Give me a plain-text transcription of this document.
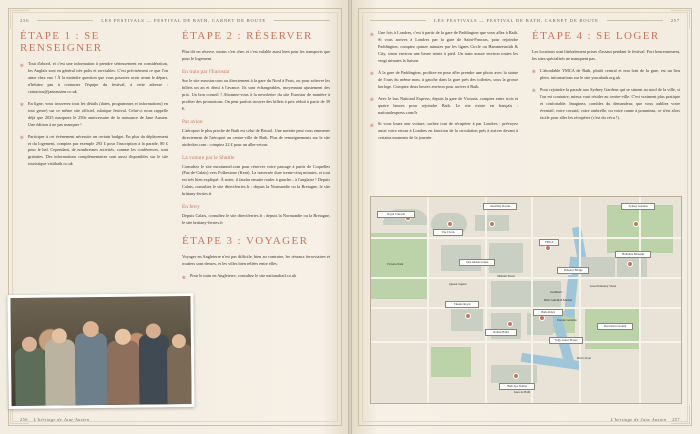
256	LES FESTIVALS — FESTIVAL DE BATH, CARNET DE ROUTE
ÉTAPE 1 : SE RENSEIGNER
✻ Tout d'abord, et c'est une information à prendre sérieusement en considération, les Anglais sont en général très polis et serviables. C'est précisément ce que l'on aime chez eux ! À la moindre question que vous pourriez avoir avant le départ, n'hésitez pas à contacter l'équipe du festival, à cette adresse : contactus@janeausten.co.uk
✻ En ligne, vous trouverez tous les détails (dates, programmes et informations) en tout genre) sur ce même site officiel, rubrique festival. Celui-ci nous rappelle déjà que 2025 marquera le 250e anniversaire de la naissance de Jane Austen. Une édition à ne pas manquer !
✻ Participer à cet évènement nécessite un certain budget. En plus du déplacement et du logement, comptez par exemple 293 £ pour l'inscription à la parade, 80 £ pour le bal. Cependant, de nombreuses activités, comme les conférences, sont gratuites. Des informations complémentaires sont aussi disponibles sur le site touristique visitbath.co.uk
ÉTAPE 2 : RÉSERVER

Plus tôt on réserve, moins c'est cher, et c'est valable aussi bien pour les transports que pour le logement.

En train par l'Eurostar

Sur le site eurostar.com ou directement à la gare du Nord à Paris, ou pour achever les billets un an et demi à l'avance. Ils sont échangeables, moyennant ajustement des prix. Un bon conseil ? Abonnez-vous à la newsletter du site Eurostar de manière à profiter des promotions. On peut parfois trouver des billets à prix réduit à partir de 39 €.

Par avion

L'aéroport le plus proche de Bath est celui de Bristol. Une navette peut vous emmener directement de l'aéroport au centre-ville de Bath. Plus de renseignements sur le site airdecker.com : comptez 22 £ pour un aller-retour.

La voiture par le Shuttle

Consultez le site eurotunnel.com pour réserver votre passage à partir de Coquelles (Pas-de-Calais) vers Folkestone (Kent). La traversée dure trente-cinq minutes, et tout est très bien expliqué. À noter, il faudra ensuite rouler à gauche... à l'anglaise ! Depuis Calais, consultez le site directferries.fr : depuis la Normandie ou la Bretagne, le site brittany-ferries.fr

En ferry

Depuis Calais, consultez le site directferries.fr ; depuis la Normandie ou la Bretagne, le site brittany-ferries.fr

ÉTAPE 3 : VOYAGER

Voyager en Angleterre n'est pas difficile, bien au contraire, les réseaux ferroviaires et routiers sont denses, et les villes bien reliées entre elles.

✻ Pour le train en Angleterre, consultez le site nationalrail.co.uk
256 L'héritage de Jane Austen
LES FESTIVALS — FESTIVAL DE BATH, CARNET DE ROUTE	257
✻ Une fois à Londres, c'est à partir de la gare de Paddington que vous allez à Bath. Si vous arrivez à Londres par la gare de Saint-Pancras, pour rejoindre Paddington, comptez quinze minutes par les lignes Circle ou Hammersmith & City, sinon environ une heure trente à pied. Un train assure environ toutes les vingt minutes la liaison.
✻ À la gare de Paddington, profitez-en pour aller prendre une photo avec la statue de l'ours du même nom, à gauche dans la gare près des toilettes, sous la grosse horloge. Comptez deux heures environ pour arriver à Bath.
✻ Avec le bus National Express, depuis la gare de Victoria, comptez entre trois et quatre heures pour rejoindre Bath. Le site existe en français : nationalexpress.com/fr
✻ Si vous louez une voiture, sachez tout de récupérer à par Londres : prévoyez aussi votre retour à Londres en fonction de la circulation près à arriver devant à certains moments de la journée.
ÉTAPE 4 : SE LOGER

Les locations sont littéralement prises d'assaut pendant le festival. Fort heureusement, les sites spécialisés ne manquent pas.

✻ L'abordable YMCA de Bath, plutôt central et non loin de la gare, est un lieu plein, informations sur le site ymcabath.org.uk
✻ Pour rejoindre la parade aux Sydney Gardens qui se situent au nord de la ville, si l'on est contraire, mieux vaut résider au centre-ville. C'est vraiment plus pratique et confortable. Imaginez, combles du demandeur, que vous oubliez votre éventail, votre corsaid, votre ombrelle, ou votre canne à pommeau, ce n'est alors facile pour aller les récupérer (c'est du vécu !).
Royal Crescent
The Circus
Assembly Rooms	Sydney Gardens
Jane Austen Centre
Pulteney Bridge
Bath Abbey
Roman Baths
Theatre Royal
Bath Spa Station
Holburne Museum
Recreation Ground
Victoria Park
River Avon
Great Pulteney Street
Milsom Street
Queen Square
YMCA
Guildhall
Bath Guildhall Market
Parade Gardens
Sally Lunn's House
Gare de Bath
L'héritage de Jane Austen 257
